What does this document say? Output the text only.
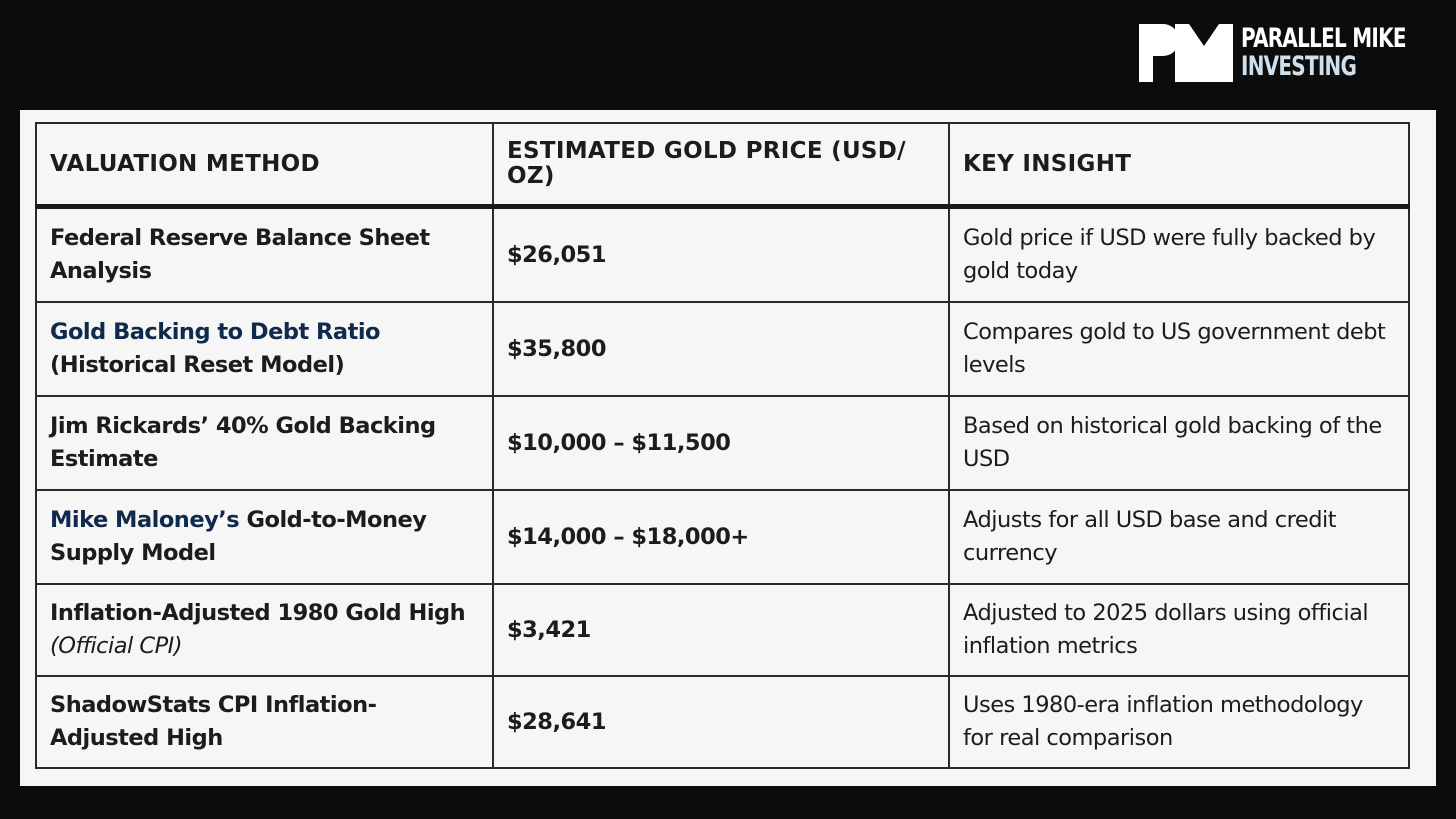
PARALLEL MIKE
INVESTING
VALUATION METHOD	ESTIMATED GOLD PRICE (USD/ OZ)	KEY INSIGHT
Federal Reserve Balance Sheet Analysis	$26,051	Gold price if USD were fully backed by gold today
Gold Backing to Debt Ratio
(Historical Reset Model)	$35,800	Compares gold to US government debt levels
Jim Rickards’ 40% Gold Backing Estimate	$10,000 – $11,500	Based on historical gold backing of the USD
Mike Maloney’s Gold-to-Money Supply Model	$14,000 – $18,000+	Adjusts for all USD base and credit currency
Inflation-Adjusted 1980 Gold High
(Official CPI)	$3,421	Adjusted to 2025 dollars using official inflation metrics
ShadowStats CPI Inflation-Adjusted High	$28,641	Uses 1980-era inflation methodology for real comparison
